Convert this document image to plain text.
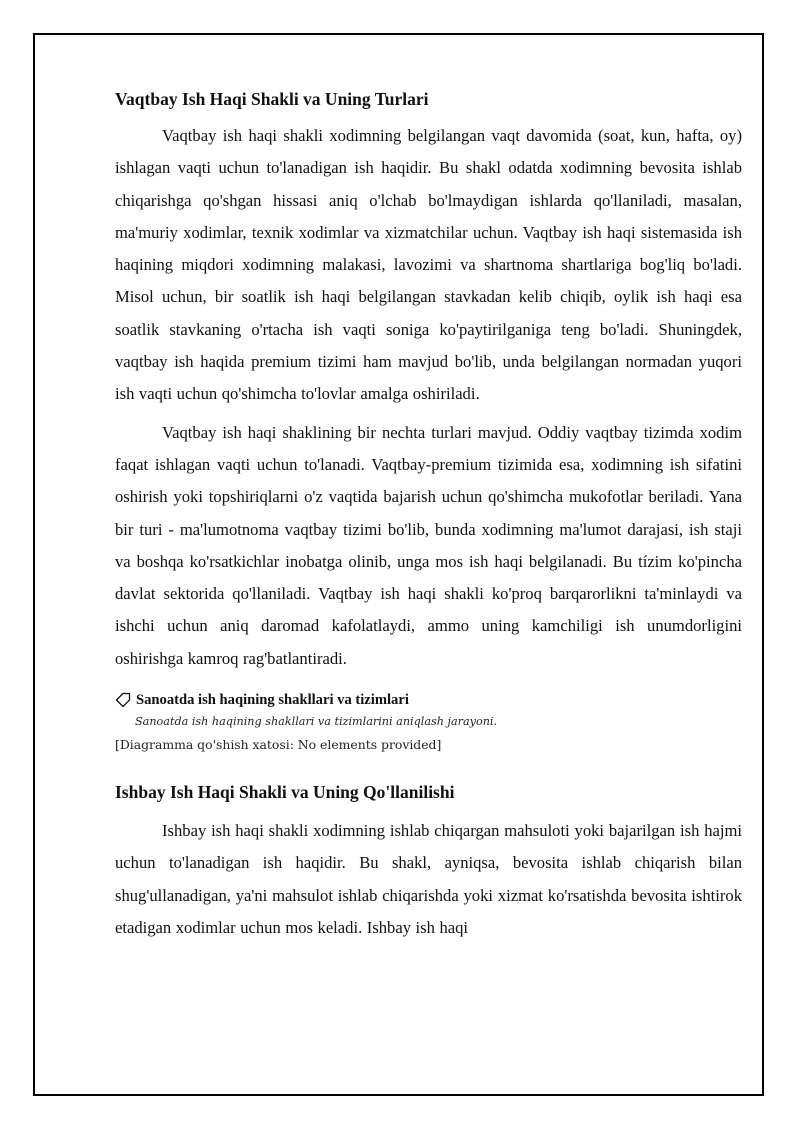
Vaqtbay Ish Haqi Shakli va Uning Turlari

Vaqtbay ish haqi shakli xodimning belgilangan vaqt davomida (soat, kun, hafta, oy) ishlagan vaqti uchun to'lanadigan ish haqidir. Bu shakl odatda xodimning bevosita ishlab chiqarishga qo'shgan hissasi aniq o'lchab bo'lmaydigan ishlarda qo'llaniladi, masalan, ma'muriy xodimlar, texnik xodimlar va xizmatchilar uchun. Vaqtbay ish haqi sistemasida ish haqining miqdori xodimning malakasi, lavozimi va shartnoma shartlariga bog'liq bo'ladi. Misol uchun, bir soatlik ish haqi belgilangan stavkadan kelib chiqib, oylik ish haqi esa soatlik stavkaning o'rtacha ish vaqti soniga ko'paytirilganiga teng bo'ladi. Shuningdek, vaqtbay ish haqida premium tizimi ham mavjud bo'lib, unda belgilangan normadan yuqori ish vaqti uchun qo'shimcha to'lovlar amalga oshiriladi.

Vaqtbay ish haqi shaklining bir nechta turlari mavjud. Oddiy vaqtbay tizimda xodim faqat ishlagan vaqti uchun to'lanadi. Vaqtbay-premium tizimida esa, xodimning ish sifatini oshirish yoki topshiriqlarni o'z vaqtida bajarish uchun qo'shimcha mukofotlar beriladi. Yana bir turi - ma'lumotnoma vaqtbay tizimi bo'lib, bunda xodimning ma'lumot darajasi, ish staji va boshqa ko'rsatkichlar inobatga olinib, unga mos ish haqi belgilanadi. Bu tízim ko'pincha davlat sektorida qo'llaniladi. Vaqtbay ish haqi shakli ko'proq barqarorlikni ta'minlaydi va ishchi uchun aniq daromad kafolatlaydi, ammo uning kamchiligi ish unumdorligini oshirishga kamroq rag'batlantiradi.

Sanoatda ish haqining shakllari va tizimlari
Sanoatda ish haqining shakllari va tizimlarini aniqlash jarayoni.
[Diagramma qo'shish xatosi: No elements provided]
Ishbay Ish Haqi Shakli va Uning Qo'llanilishi

Ishbay ish haqi shakli xodimning ishlab chiqargan mahsuloti yoki bajarilgan ish hajmi uchun to'lanadigan ish haqidir. Bu shakl, ayniqsa, bevosita ishlab chiqarish bilan shug'ullanadigan, ya'ni mahsulot ishlab chiqarishda yoki xizmat ko'rsatishda bevosita ishtirok etadigan xodimlar uchun mos keladi. Ishbay ish haqi
